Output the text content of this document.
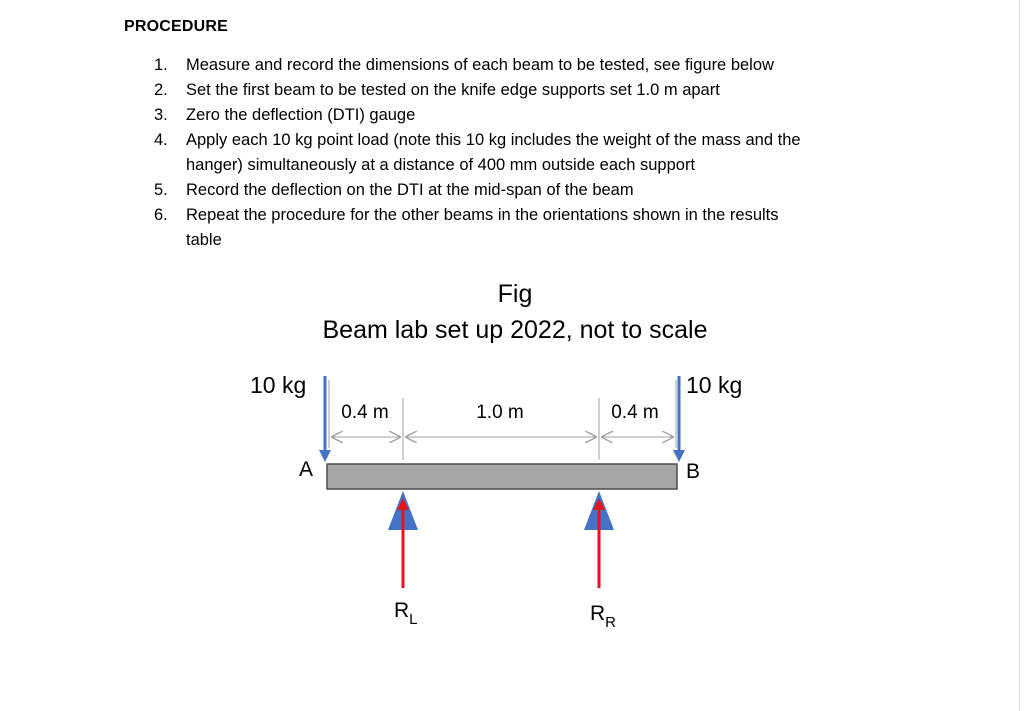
PROCEDURE
1. Measure and record the dimensions of each beam to be tested, see figure below
2. Set the first beam to be tested on the knife edge supports set 1.0 m apart
3. Zero the deflection (DTI) gauge
4. Apply each 10 kg point load (note this 10 kg includes the weight of the mass and the
hanger) simultaneously at a distance of 400 mm outside each support
5. Record the deflection on the DTI at the mid-span of the beam
6. Repeat the procedure for the other beams in the orientations shown in the results
table
Fig
Beam lab set up 2022, not to scale
10 kg	10 kg
0.4 m	1.0 m	0.4 m
A	B
$R_L$	$R_R$
